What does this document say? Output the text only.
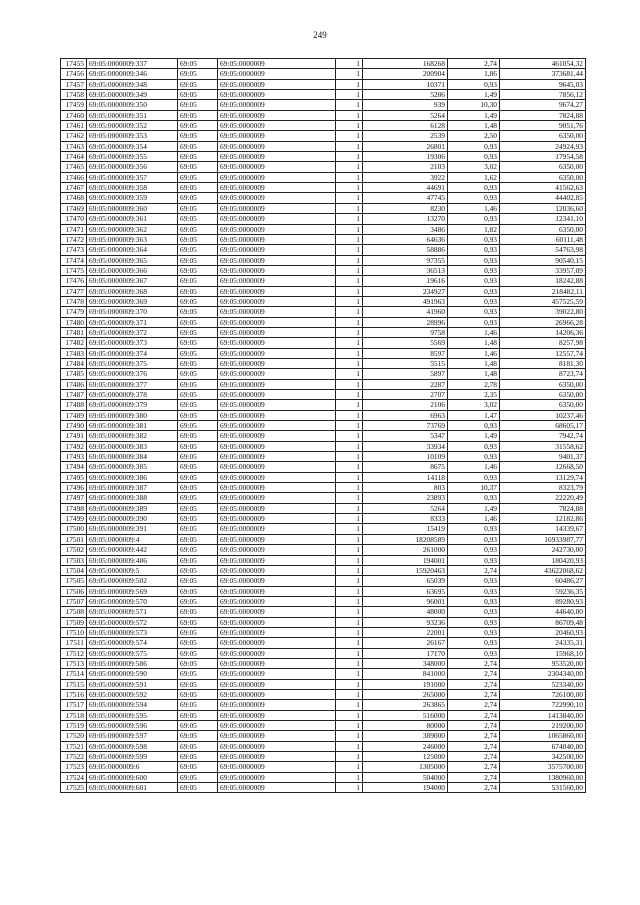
249
17455	69:05:0000009:337	69:05	69:05:0000009	1	168268	2,74	461054,32
17456	69:05:0000009:346	69:05	69:05:0000009	1	200904	1,86	373681,44
17457	69:05:0000009:348	69:05	69:05:0000009	1	10371	0,93	9645,03
17458	69:05:0000009:349	69:05	69:05:0000009	1	5286	1,49	7856,12
17459	69:05:0000009:350	69:05	69:05:0000009	1	939	10,30	9674,27
17460	69:05:0000009:351	69:05	69:05:0000009	1	5264	1,49	7824,88
17461	69:05:0000009:352	69:05	69:05:0000009	1	6128	1,48	9051,76
17462	69:05:0000009:353	69:05	69:05:0000009	1	2539	2,50	6350,00
17463	69:05:0000009:354	69:05	69:05:0000009	1	26801	0,93	24924,93
17464	69:05:0000009:355	69:05	69:05:0000009	1	19306	0,93	17954,58
17465	69:05:0000009:356	69:05	69:05:0000009	1	2103	3,02	6350,00
17466	69:05:0000009:357	69:05	69:05:0000009	1	3922	1,62	6350,00
17467	69:05:0000009:358	69:05	69:05:0000009	1	44691	0,93	41562,63
17468	69:05:0000009:359	69:05	69:05:0000009	1	47745	0,93	44402,85
17469	69:05:0000009:360	69:05	69:05:0000009	1	8230	1,46	12036,60
17470	69:05:0000009:361	69:05	69:05:0000009	1	13270	0,93	12341,10
17471	69:05:0000009:362	69:05	69:05:0000009	1	3486	1,82	6350,00
17472	69:05:0000009:363	69:05	69:05:0000009	1	64636	0,93	60111,48
17473	69:05:0000009:364	69:05	69:05:0000009	1	58886	0,93	54763,98
17474	69:05:0000009:365	69:05	69:05:0000009	1	97355	0,93	90540,15
17475	69:05:0000009:366	69:05	69:05:0000009	1	36513	0,93	33957,09
17476	69:05:0000009:367	69:05	69:05:0000009	1	19616	0,93	18242,88
17477	69:05:0000009:368	69:05	69:05:0000009	1	234927	0,93	218482,11
17478	69:05:0000009:369	69:05	69:05:0000009	1	491963	0,93	457525,59
17479	69:05:0000009:370	69:05	69:05:0000009	1	41960	0,93	39022,80
17480	69:05:0000009:371	69:05	69:05:0000009	1	28996	0,93	26966,28
17481	69:05:0000009:372	69:05	69:05:0000009	1	9758	1,46	14206,36
17482	69:05:0000009:373	69:05	69:05:0000009	1	5569	1,48	8257,98
17483	69:05:0000009:374	69:05	69:05:0000009	1	8597	1,46	12557,74
17484	69:05:0000009:375	69:05	69:05:0000009	1	5515	1,48	8181,30
17485	69:05:0000009:376	69:05	69:05:0000009	1	5897	1,48	8723,74
17486	69:05:0000009:377	69:05	69:05:0000009	1	2287	2,78	6350,00
17487	69:05:0000009:378	69:05	69:05:0000009	1	2707	2,35	6350,00
17488	69:05:0000009:379	69:05	69:05:0000009	1	2106	3,02	6350,00
17489	69:05:0000009:380	69:05	69:05:0000009	1	6963	1,47	10237,46
17490	69:05:0000009:381	69:05	69:05:0000009	1	73769	0,93	68605,17
17491	69:05:0000009:382	69:05	69:05:0000009	1	5347	1,49	7942,74
17492	69:05:0000009:383	69:05	69:05:0000009	1	33934	0,93	31558,62
17493	69:05:0000009:384	69:05	69:05:0000009	1	10109	0,93	9401,37
17494	69:05:0000009:385	69:05	69:05:0000009	1	8675	1,46	12668,50
17495	69:05:0000009:386	69:05	69:05:0000009	1	14118	0,93	13129,74
17496	69:05:0000009:387	69:05	69:05:0000009	1	803	10,37	8323,79
17497	69:05:0000009:388	69:05	69:05:0000009	1	23893	0,93	22220,49
17498	69:05:0000009:389	69:05	69:05:0000009	1	5264	1,49	7824,88
17499	69:05:0000009:390	69:05	69:05:0000009	1	8333	1,46	12182,86
17500	69:05:0000009:391	69:05	69:05:0000009	1	15419	0,93	14339,67
17501	69:05:0000009:4	69:05	69:05:0000009	1	18208589	0,93	16933987,77
17502	69:05:0000009:442	69:05	69:05:0000009	1	261000	0,93	242730,00
17503	69:05:0000009:486	69:05	69:05:0000009	1	194001	0,93	180420,93
17504	69:05:0000009:5	69:05	69:05:0000009	1	15920463	2,74	43622068,62
17505	69:05:0000009:502	69:05	69:05:0000009	1	65039	0,93	60486,27
17506	69:05:0000009:569	69:05	69:05:0000009	1	63695	0,93	59236,35
17507	69:05:0000009:570	69:05	69:05:0000009	1	96001	0,93	89280,93
17508	69:05:0000009:571	69:05	69:05:0000009	1	48000	0,93	44640,00
17509	69:05:0000009:572	69:05	69:05:0000009	1	93236	0,93	86709,48
17510	69:05:0000009:573	69:05	69:05:0000009	1	22001	0,93	20460,93
17511	69:05:0000009:574	69:05	69:05:0000009	1	26167	0,93	24335,31
17512	69:05:0000009:575	69:05	69:05:0000009	1	17170	0,93	15968,10
17513	69:05:0000009:586	69:05	69:05:0000009	1	348000	2,74	953520,00
17514	69:05:0000009:590	69:05	69:05:0000009	1	841000	2,74	2304340,00
17515	69:05:0000009:591	69:05	69:05:0000009	1	191000	2,74	523340,00
17516	69:05:0000009:592	69:05	69:05:0000009	1	265000	2,74	726100,00
17517	69:05:0000009:594	69:05	69:05:0000009	1	263865	2,74	722990,10
17518	69:05:0000009:595	69:05	69:05:0000009	1	516000	2,74	1413840,00
17519	69:05:0000009:596	69:05	69:05:0000009	1	80000	2,74	219200,00
17520	69:05:0000009:597	69:05	69:05:0000009	1	389000	2,74	1065860,00
17521	69:05:0000009:598	69:05	69:05:0000009	1	246000	2,74	674040,00
17522	69:05:0000009:599	69:05	69:05:0000009	1	125000	2,74	342500,00
17523	69:05:0000009:6	69:05	69:05:0000009	1	1305000	2,74	3575700,00
17524	69:05:0000009:600	69:05	69:05:0000009	1	504000	2,74	1380960,00
17525	69:05:0000009:601	69:05	69:05:0000009	1	194000	2,74	531560,00
